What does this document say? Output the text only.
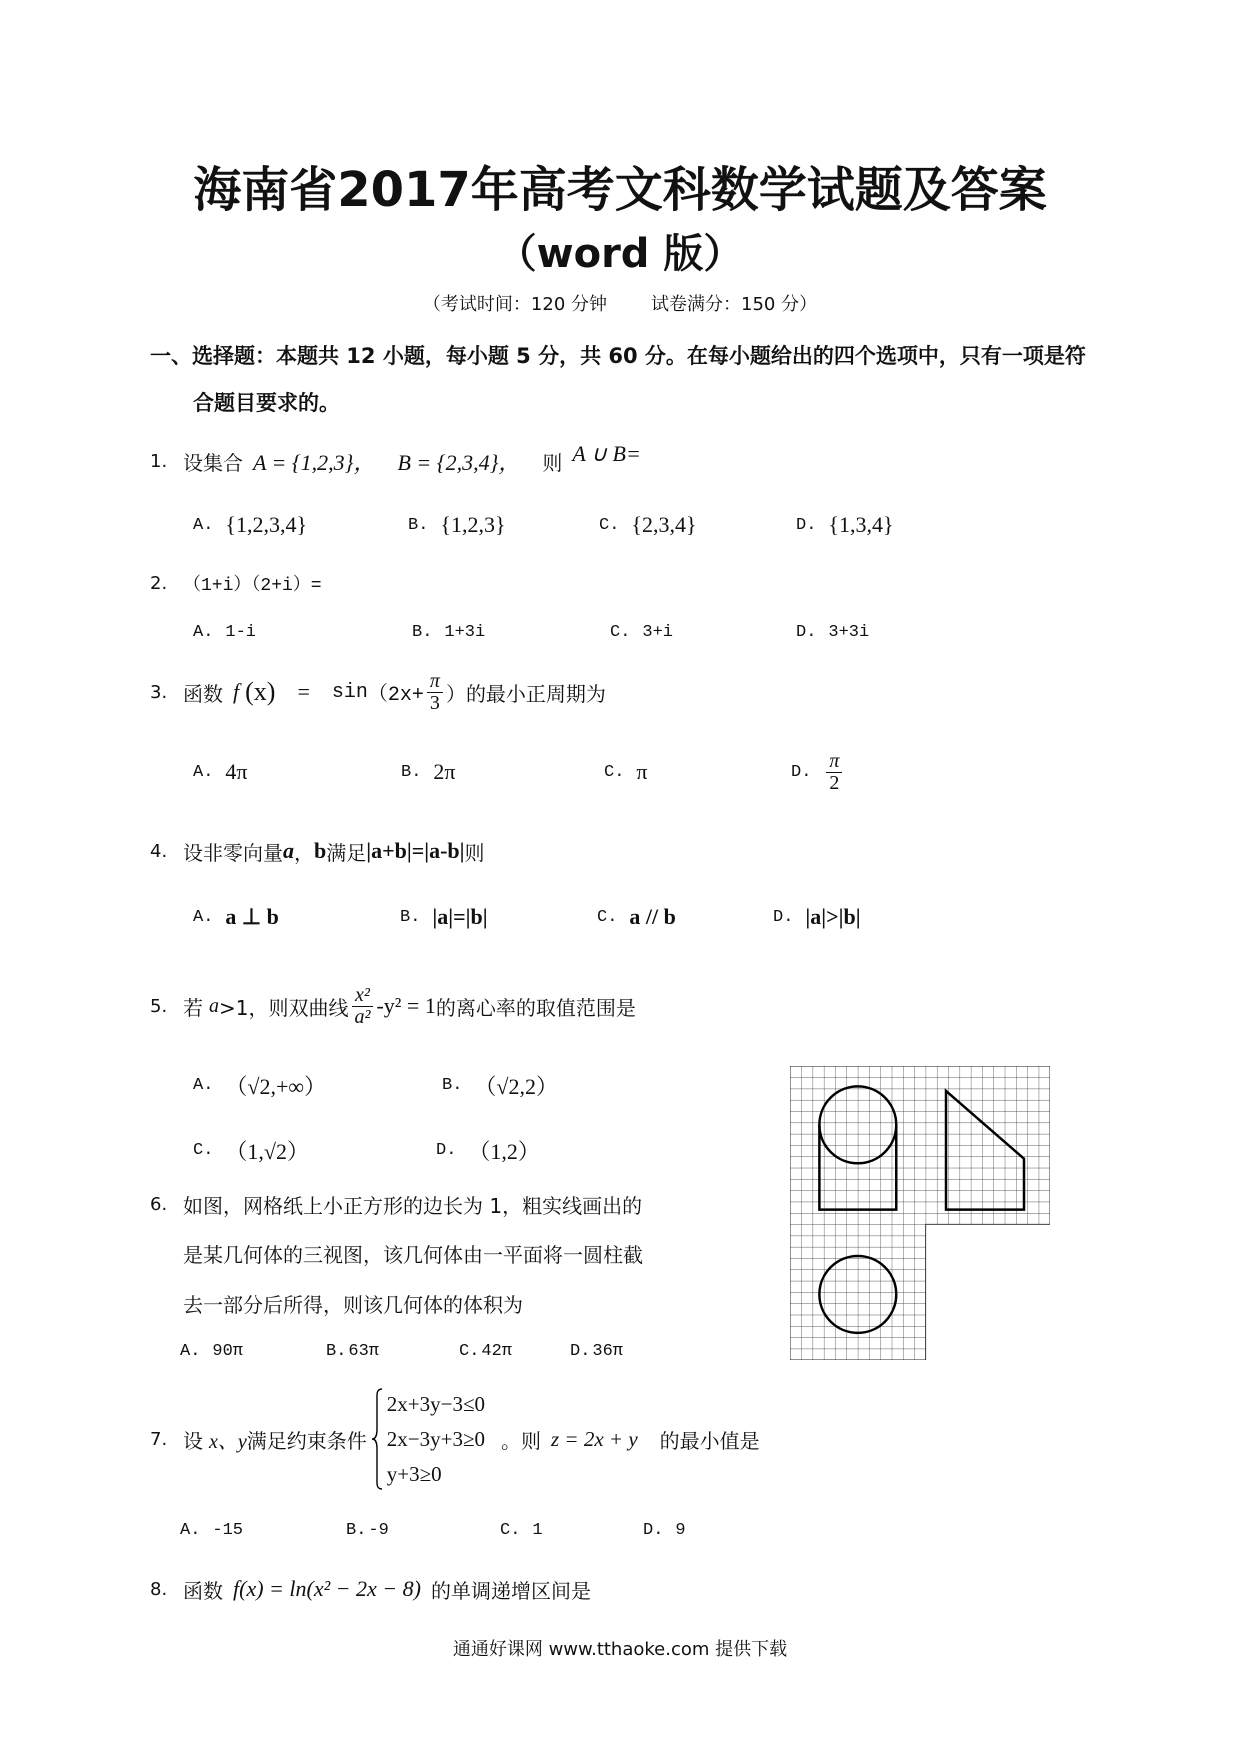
海南省2017年高考文科数学试题及答案
（word 版）
（考试时间：120 分钟 试卷满分：150 分）
一、选择题：本题共 12 小题，每小题 5 分，共 60 分。在每小题给出的四个选项中，只有一项是符
合题目要求的。
1. 设集合 A = {1,2,3}， B = {2,3,4}， 则 A ∪ B=
A. {1,2,3,4}	B. {1,2,3}	C. {2,3,4}	D. {1,3,4}
2. （1+i）（2+i）=
A. 1-i	B. 1+3i	C. 3+i	D. 3+3i
3. 函数 f $(x) = \sin (2x+ \frac{\pi}{3}$ ） 的最小正周期为
A. 4π	B. 2π	C. π	D. $\frac{\pi}{2}$
4. 设非零向量 a ， b 满足 |a+b|=|a-b| 则
A. a ⊥ b	B. |a|=|b|	C. a // b	D. |a|>|b|
5. 若 a >1，则双曲线 $\frac{\text{x²}}{\text{a²}} -y^2 = 1$ 的离心率的取值范围是
A. （√2,+∞）	B. （√2,2）
C. （1,√2）	D. （1,2）
6. 如图，网格纸上小正方形的边长为 1，粗实线画出的
是某几何体的三视图，该几何体由一平面将一圆柱截
去一部分后所得，则该几何体的体积为
A. 90π	B. 63π	C. 42π	D. 36π
7. 设 x、y 满足约束条件
2x+3y−3≤0
2x−3y+3≥0
y+3≥0
。则 z = 2x + y 的最小值是
A. -15	B. -9	C. 1	D. 9
8. 函数 f(x) = ln(x² − 2x − 8) 的单调递增区间是
通通好课网 www.tthaoke.com 提供下载
